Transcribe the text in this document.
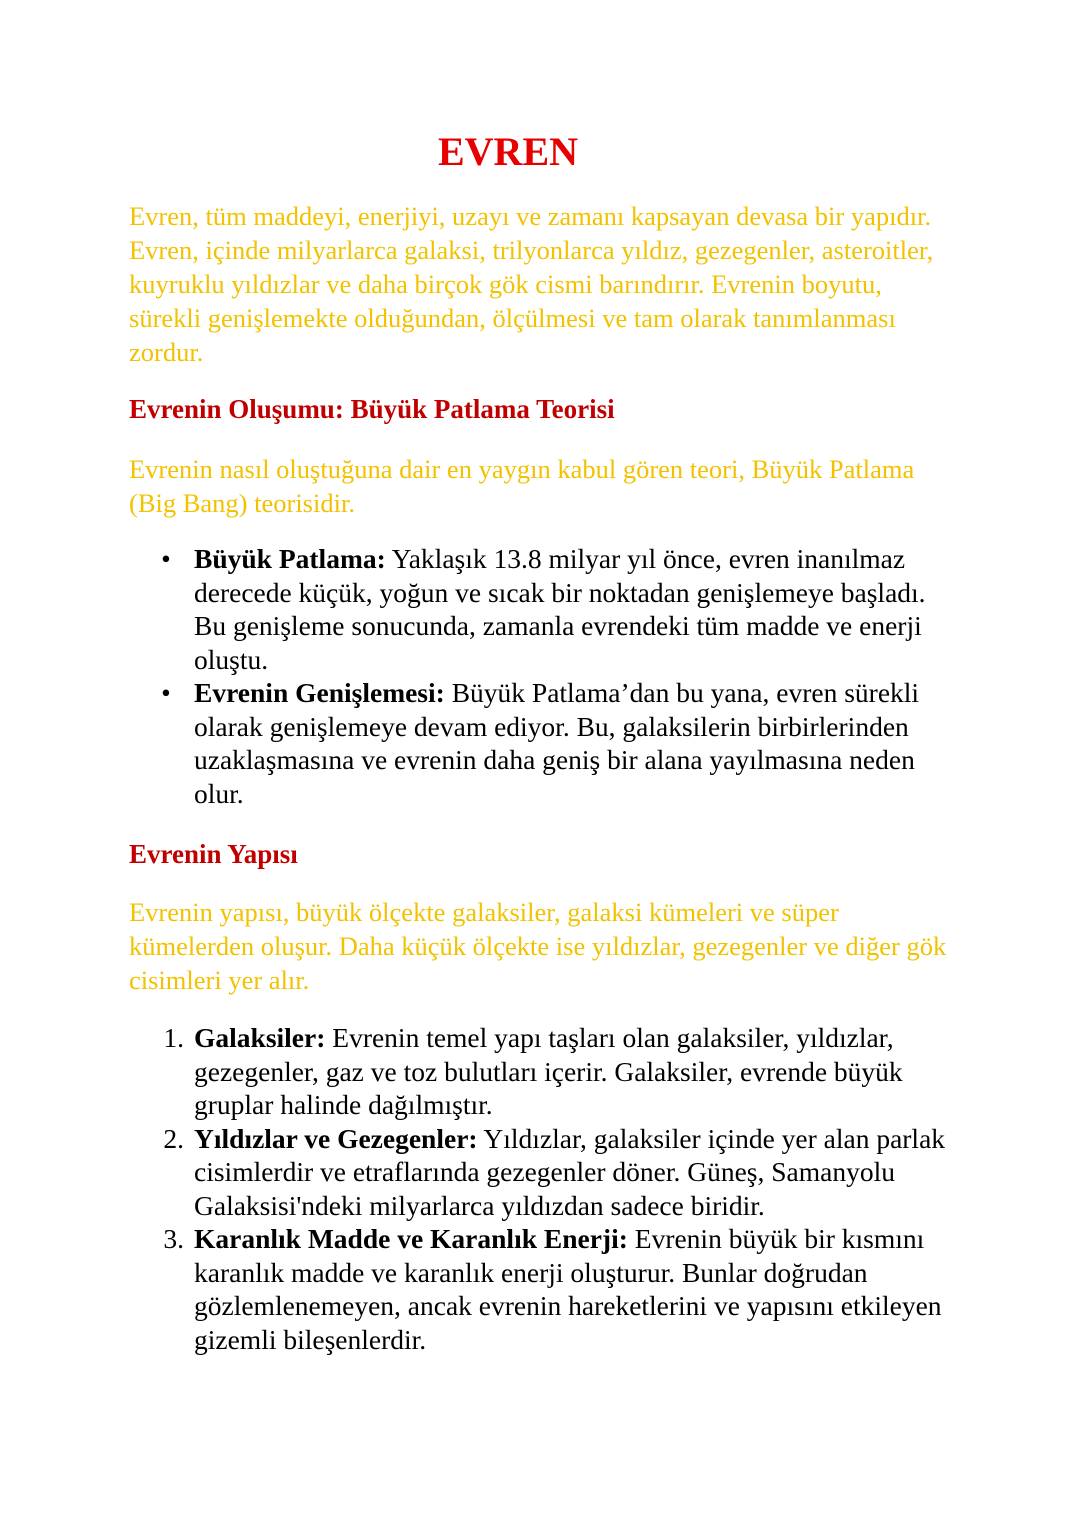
EVREN
Evren, tüm maddeyi, enerjiyi, uzayı ve zamanı kapsayan devasa bir yapıdır. Evren, içinde milyarlarca galaksi, trilyonlarca yıldız, gezegenler, asteroitler, kuyruklu yıldızlar ve daha birçok gök cismi barındırır. Evrenin boyutu, sürekli genişlemekte olduğundan, ölçülmesi ve tam olarak tanımlanması zordur.
Evrenin Oluşumu: Büyük Patlama Teorisi
Evrenin nasıl oluştuğuna dair en yaygın kabul gören teori, Büyük Patlama (Big Bang) teorisidir.
• Büyük Patlama: Yaklaşık 13.8 milyar yıl önce, evren inanılmaz derecede küçük, yoğun ve sıcak bir noktadan genişlemeye başladı. Bu genişleme sonucunda, zamanla evrendeki tüm madde ve enerji oluştu.
• Evrenin Genişlemesi: Büyük Patlama’dan bu yana, evren sürekli olarak genişlemeye devam ediyor. Bu, galaksilerin birbirlerinden uzaklaşmasına ve evrenin daha geniş bir alana yayılmasına neden olur.
Evrenin Yapısı
Evrenin yapısı, büyük ölçekte galaksiler, galaksi kümeleri ve süper kümelerden oluşur. Daha küçük ölçekte ise yıldızlar, gezegenler ve diğer gök cisimleri yer alır.
1. Galaksiler: Evrenin temel yapı taşları olan galaksiler, yıldızlar, gezegenler, gaz ve toz bulutları içerir. Galaksiler, evrende büyük gruplar halinde dağılmıştır.
2. Yıldızlar ve Gezegenler: Yıldızlar, galaksiler içinde yer alan parlak cisimlerdir ve etraflarında gezegenler döner. Güneş, Samanyolu Galaksisi'ndeki milyarlarca yıldızdan sadece biridir.
3. Karanlık Madde ve Karanlık Enerji: Evrenin büyük bir kısmını karanlık madde ve karanlık enerji oluşturur. Bunlar doğrudan gözlemlenemeyen, ancak evrenin hareketlerini ve yapısını etkileyen gizemli bileşenlerdir.
